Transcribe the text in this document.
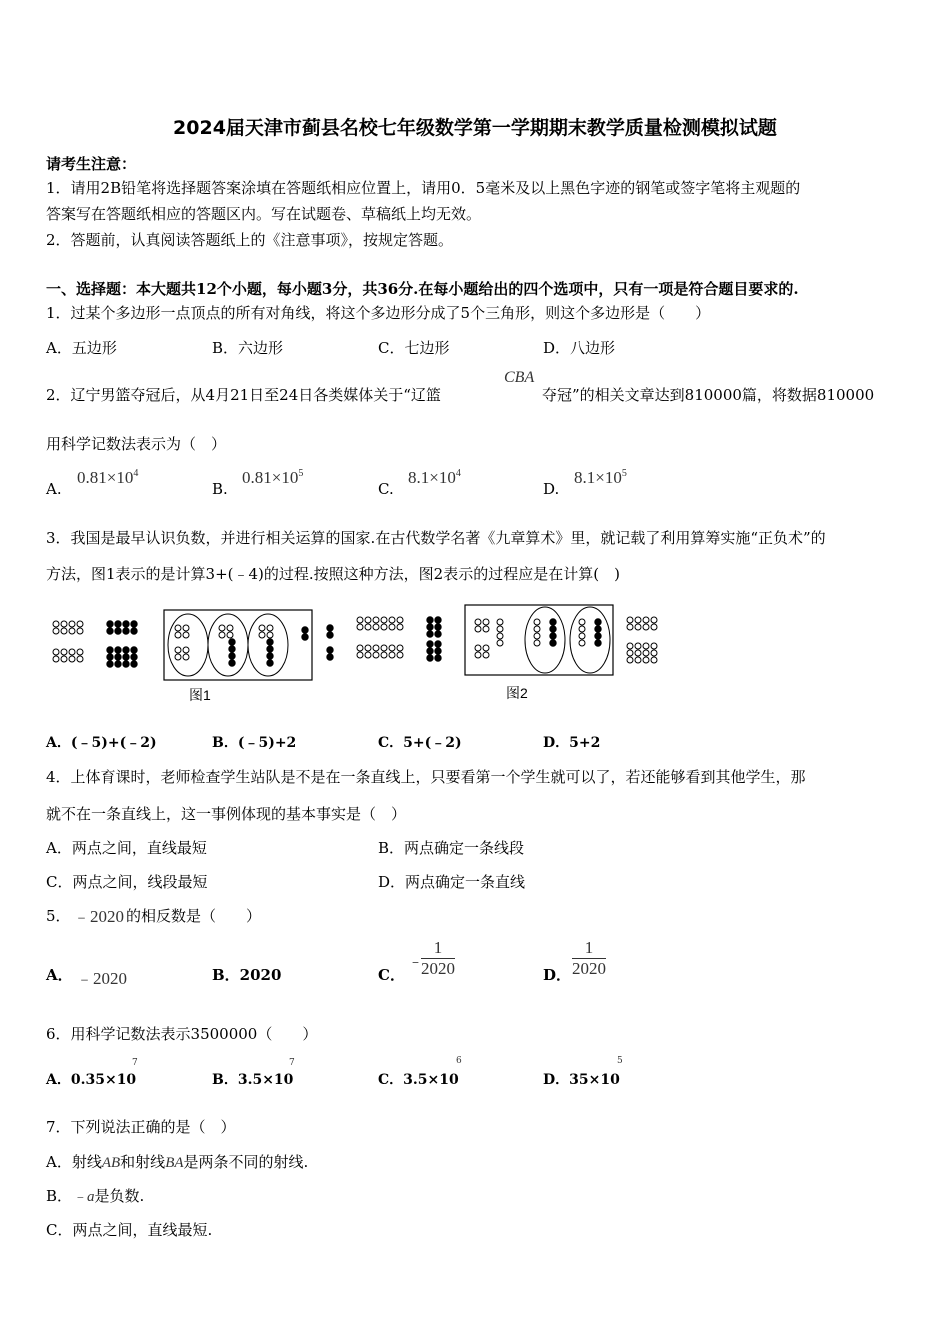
2024届天津市蓟县名校七年级数学第一学期期末教学质量检测模拟试题
请考生注意：
1．请用2B铅笔将选择题答案涂填在答题纸相应位置上，请用0．5毫米及以上黑色字迹的钢笔或签字笔将主观题的
答案写在答题纸相应的答题区内。写在试题卷、草稿纸上均无效。
2．答题前，认真阅读答题纸上的《注意事项》，按规定答题。
一、选择题：本大题共12个小题，每小题3分，共36分.在每小题给出的四个选项中，只有一项是符合题目要求的.
1．过某个多边形一点顶点的所有对角线，将这个多边形分成了5个三角形，则这个多边形是（　　）
A．五边形	B．六边形	C．七边形	D．八边形
2．辽宁男篮夺冠后，从4月21日至24日各类媒体关于“辽篮
CBA
夺冠”的相关文章达到810000篇，将数据810000
用科学记数法表示为（　）
A.
$0.81\times 10^4$
B.
$0.81\times 10^5$
C.
$8.1\times 10^4$
D.
$8.1\times 10^5$
3．我国是最早认识负数，并进行相关运算的国家.在古代数学名著《九章算术》里，就记载了利用算筹实施“正负术”的
方法，图1表示的是计算3+(﹣4)的过程.按照这种方法，图2表示的过程应是在计算(　)
图1	图2
A．(﹣5)+(﹣2)	B．(﹣5)+2	C．5+(﹣2)	D．5+2
4．上体育课时，老师检查学生站队是不是在一条直线上，只要看第一个学生就可以了，若还能够看到其他学生，那
就不在一条直线上，这一事例体现的基本事实是（　）
A．两点之间，直线最短	B．两点确定一条线段
C．两点之间，线段最短	D．两点确定一条直线
5． ﹣2020 的相反数是（　　）
A． ﹣2020	B．2020	C．
﹣
$\frac{1}{2020}$	D． $\frac{1}{2020}$
6．用科学记数法表示3500000（　　）
A．0.35×10
7
B．3.5×10
7
C．3.5×10
6
D．35×10
5
7．下列说法正确的是（　）
A．射线AB和射线BA是两条不同的射线.
B．﹣a是负数.
C．两点之间，直线最短.
